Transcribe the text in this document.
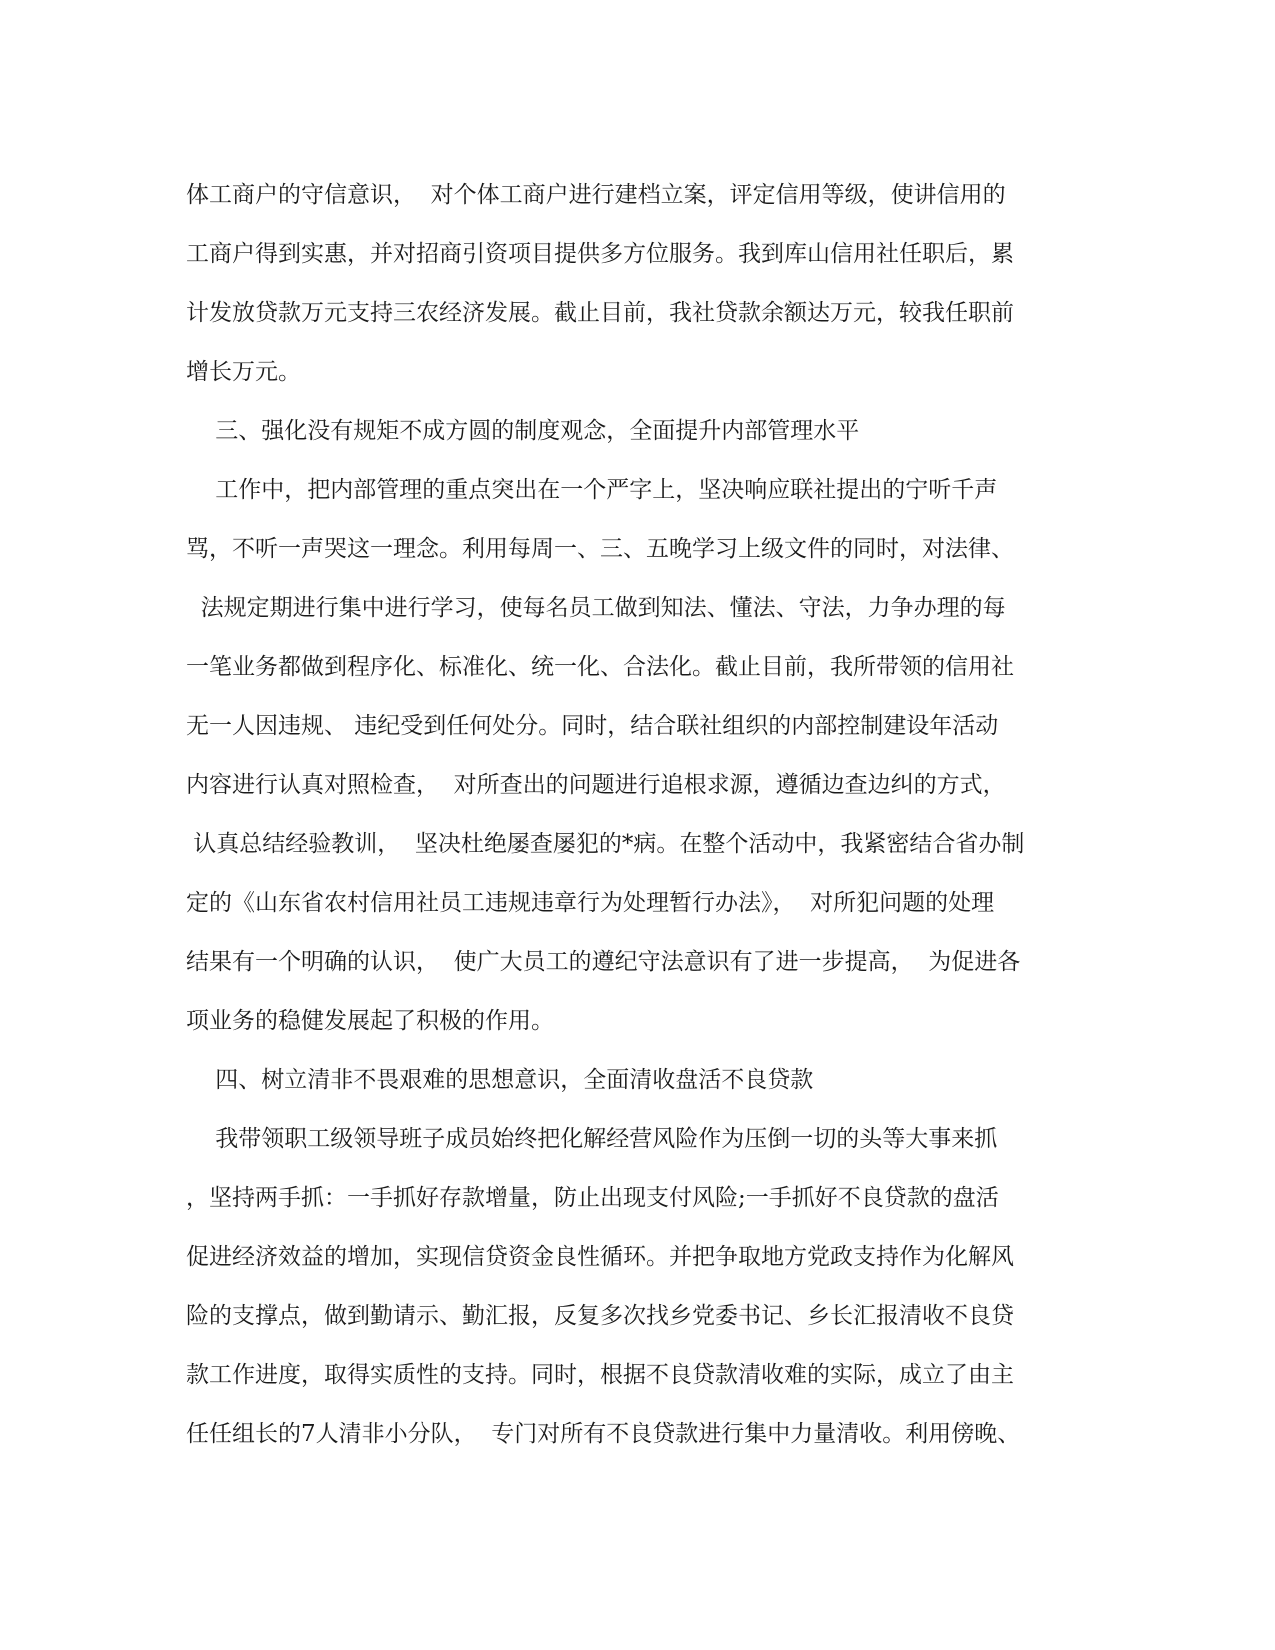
体工商户的守信意识，  对个体工商户进行建档立案，评定信用等级，使讲信用的
工商户得到实惠，并对招商引资项目提供多方位服务。我到库山信用社任职后，累
计发放贷款万元支持三农经济发展。截止目前，我社贷款余额达万元，较我任职前
增长万元。
三、强化没有规矩不成方圆的制度观念，全面提升内部管理水平
工作中，把内部管理的重点突出在一个严字上，坚决响应联社提出的宁听千声
骂，不听一声哭这一理念。利用每周一、三、五晚学习上级文件的同时，对法律、
法规定期进行集中进行学习，使每名员工做到知法、懂法、守法，力争办理的每
一笔业务都做到程序化、标准化、统一化、合法化。截止目前，我所带领的信用社
无一人因违规、 违纪受到任何处分。同时，结合联社组织的内部控制建设年活动
内容进行认真对照检查，  对所查出的问题进行追根求源，遵循边查边纠的方式，
认真总结经验教训，  坚决杜绝屡查屡犯的*病。在整个活动中，我紧密结合省办制
定的《山东省农村信用社员工违规违章行为处理暂行办法》，  对所犯问题的处理
结果有一个明确的认识，  使广大员工的遵纪守法意识有了进一步提高，  为促进各
项业务的稳健发展起了积极的作用。
四、树立清非不畏艰难的思想意识，全面清收盘活不良贷款
我带领职工级领导班子成员始终把化解经营风险作为压倒一切的头等大事来抓
，坚持两手抓：一手抓好存款增量，防止出现支付风险;一手抓好不良贷款的盘活
促进经济效益的增加，实现信贷资金良性循环。并把争取地方党政支持作为化解风
险的支撑点，做到勤请示、勤汇报，反复多次找乡党委书记、乡长汇报清收不良贷
款工作进度，取得实质性的支持。同时，根据不良贷款清收难的实际，成立了由主
任任组长的7人清非小分队，  专门对所有不良贷款进行集中力量清收。利用傍晚、
